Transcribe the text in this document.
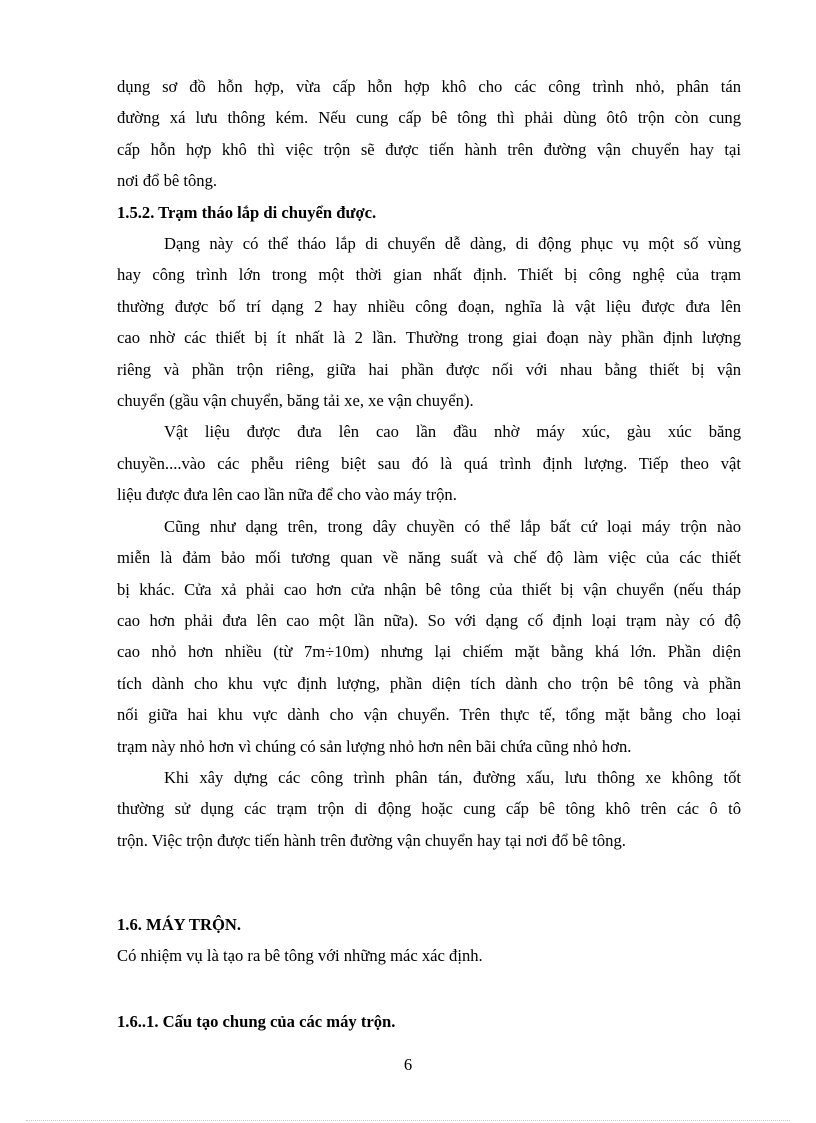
dụng sơ đồ hỗn hợp, vừa cấp hỗn hợp khô cho các công trình nhỏ, phân tán

đường xá lưu thông kém. Nếu cung cấp bê tông thì phải dùng ôtô trộn còn cung

cấp hỗn hợp khô thì việc trộn sẽ được tiến hành trên đường vận chuyển hay tại

nơi đổ bê tông.

1.5.2. Trạm tháo lắp di chuyển được.

Dạng này có thể tháo lắp di chuyển dễ dàng, di động phục vụ một số vùng

hay công trình lớn trong một thời gian nhất định. Thiết bị công nghệ của trạm

thường được bố trí dạng 2 hay nhiều công đoạn, nghĩa là vật liệu được đưa lên

cao nhờ các thiết bị ít nhất là 2 lần. Thường trong giai đoạn này phần định lượng

riêng và phần trộn riêng, giữa hai phần được nối với nhau bằng thiết bị vận

chuyển (gầu vận chuyển, băng tải xe, xe vận chuyển).

Vật liệu được đưa lên cao lần đầu nhờ máy xúc, gàu xúc băng

chuyền....vào các phễu riêng biệt sau đó là quá trình định lượng. Tiếp theo vật

liệu được đưa lên cao lần nữa để cho vào máy trộn.

Cũng như dạng trên, trong dây chuyền có thể lắp bất cứ loại máy trộn nào

miễn là đảm bảo mối tương quan về năng suất và chế độ làm việc của các thiết

bị khác. Cửa xả phải cao hơn cửa nhận bê tông của thiết bị vận chuyển (nếu tháp

cao hơn phải đưa lên cao một lần nữa). So với dạng cố định loại trạm này có độ

cao nhỏ hơn nhiều (từ 7m÷10m) nhưng lại chiếm mặt bằng khá lớn. Phần diện

tích dành cho khu vực định lượng, phần diện tích dành cho trộn bê tông và phần

nối giữa hai khu vực dành cho vận chuyển. Trên thực tế, tổng mặt bằng cho loại

trạm này nhỏ hơn vì chúng có sản lượng nhỏ hơn nên bãi chứa cũng nhỏ hơn.

Khi xây dựng các công trình phân tán, đường xấu, lưu thông xe không tốt

thường sử dụng các trạm trộn di động hoặc cung cấp bê tông khô trên các ô tô

trộn. Việc trộn được tiến hành trên đường vận chuyển hay tại nơi đổ bê tông.

1.6. MÁY TRỘN.

Có nhiệm vụ là tạo ra bê tông với những mác xác định.

1.6..1. Cấu tạo chung của các máy trộn.

6
